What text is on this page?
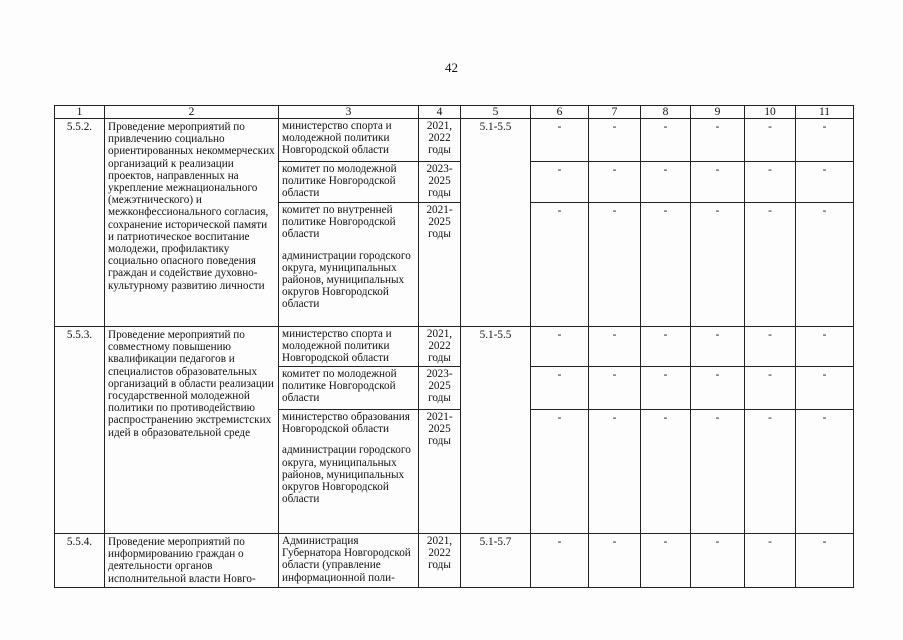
42
1	2	3	4	5	6	7	8	9	10	11
5.5.2.	Проведение мероприятий по привлечению социально ориентированных некоммерческих организаций к реализации проектов, направленных на укрепление межнационального (межэтнического) и межконфессионального согласия, сохранение исторической памяти и патриотическое воспитание молодежи, профилактику социально опасного поведения граждан и содействие духовно-культурному развитию личности	министерство спорта и молодежной политики Новгородской области	2021, 2022 годы	5.1-5.5	-	-	-	-	-	-

		комитет по молодежной политике Новгородской области	2023-2025 годы		-	-	-	-	-	-

		комитет по внутренней политике Новгородской области
администрации городского округа, муниципальных районов, муниципальных округов Новгородской области	2021-2025 годы		-	-	-	-	-	-
5.5.3.	Проведение мероприятий по совместному повышению квалификации педагогов и специалистов образовательных организаций в области реализации государственной молодежной политики по противодействию распространению экстремистских идей в образовательной среде	министерство спорта и молодежной политики Новгородской области	2021, 2022 годы	5.1-5.5	-	-	-	-	-	-

		комитет по молодежной политике Новгородской области	2023-2025 годы		-	-	-	-	-	-

		министерство образования Новгородской области
администрации городского округа, муниципальных районов, муниципальных округов Новгородской области	2021-2025 годы		-	-	-	-	-	-
5.5.4.	Проведение мероприятий по информированию граждан о деятельности органов исполнительной власти Новго-	Администрация Губернатора Новгородской области (управление информационной поли-	2021, 2022 годы	5.1-5.7	-	-	-	-	-	-
